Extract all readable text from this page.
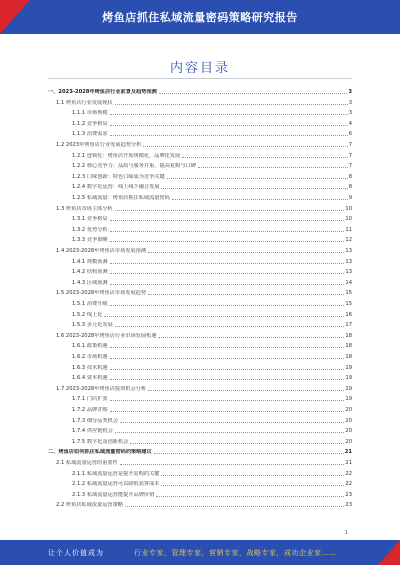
烤鱼店抓住私域流量密码策略研究报告
内容目录
一、2023-2028年烤鱼店行业前景及趋势预测	3
1.1 烤鱼店行业发展现状	3
1.1.1 市场规模	3
1.1.2 竞争格局	4
1.1.3 消费需求	6
1.2 2023年烤鱼店行业发展趋势分析	7
1.2.1 连锁化：烤鱼店开始规模化，品牌化发展	7
1.2.2 核心竞争力：品质与服务并重，提高复购与口碑	7
1.2.3 口味创新：特色口味成为竞争关键	8
1.2.4 数字化运营：线上线下融合发展	8
1.2.5 私域流量：烤鱼店抓住私域流量密码	9
1.3 烤鱼店市场主体分析	10
1.3.1 竞争格局	10
1.3.2 优势分析	11
1.3.3 竞争策略	12
1.4 2023-2028年烤鱼店市场发展预测	13
1.4.1 规模预测	13
1.4.2 结构预测	13
1.4.3 区域预测	14
1.5 2023-2028年烤鱼店市场发展趋势	15
1.5.1 消费升级	15
1.5.2 线上化	16
1.5.3 多元化发展	17
1.6 2023-2028年烤鱼店行业市场发展机遇	18
1.6.1 政策机遇	18
1.6.2 市场机遇	18
1.6.3 技术机遇	19
1.6.4 资本机遇	19
1.7 2023-2028年烤鱼店投资机会分析	19
1.7.1 门店扩张	19
1.7.2 品牌并购	20
1.7.3 细分品类机会	20
1.7.4 供应链机会	20
1.7.5 数字化及创新机会	20
二、烤鱼店如何抓住私域流量密码的策略建议	21
2.1 私域流量运营的重要性	21
2.1.1 私域流量运营是提升复购的关键	22
2.1.2 私域流量运营可以降低获客成本	22
2.1.3 私域流量运营能提升品牌价值	23
2.2 烤鱼店私域流量运营策略	23
1
让个人价值成为	行业专家，管理专家，营销专家，战略专家，成功企业家……
